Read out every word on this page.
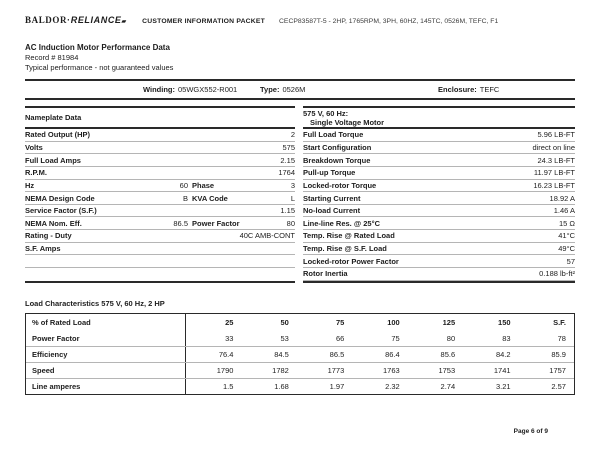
BALDOR·RELIANCE▰ CUSTOMER INFORMATION PACKET CECP83587T-5 - 2HP, 1765RPM, 3PH, 60HZ, 145TC, 0526M, TEFC, F1
AC Induction Motor Performance Data
Record # 81984
Typical performance - not guaranteed values
Winding: 05WGX552-R001	Type: 0526M	Enclosure: TEFC
Nameplate Data
Rated Output (HP)	2
Volts	575
Full Load Amps	2.15
R.P.M.	1764
Hz	60 Phase	3
NEMA Design Code	B KVA Code	L
Service Factor (S.F.)	1.15
NEMA Nom. Eff.	86.5 Power Factor	80
Rating - Duty	40C AMB-CONT
S.F. Amps
575 V, 60 Hz:
Single Voltage Motor
Full Load Torque	5.96 LB-FT
Start Configuration	direct on line
Breakdown Torque	24.3 LB-FT
Pull-up Torque	11.97 LB-FT
Locked-rotor Torque	16.23 LB-FT
Starting Current	18.92 A
No-load Current	1.46 A
Line-line Res. @ 25°C	15 Ω
Temp. Rise @ Rated Load	41°C
Temp. Rise @ S.F. Load	49°C
Locked-rotor Power Factor	57
Rotor Inertia	0.188 lb-ft²
Load Characteristics 575 V, 60 Hz, 2 HP
% of Rated Load	25	50	75	100	125	150	S.F.
Power Factor	33	53	66	75	80	83	78
Efficiency	76.4	84.5	86.5	86.4	85.6	84.2	85.9
Speed	1790	1782	1773	1763	1753	1741	1757
Line amperes	1.5	1.68	1.97	2.32	2.74	3.21	2.57
Page 6 of 9
